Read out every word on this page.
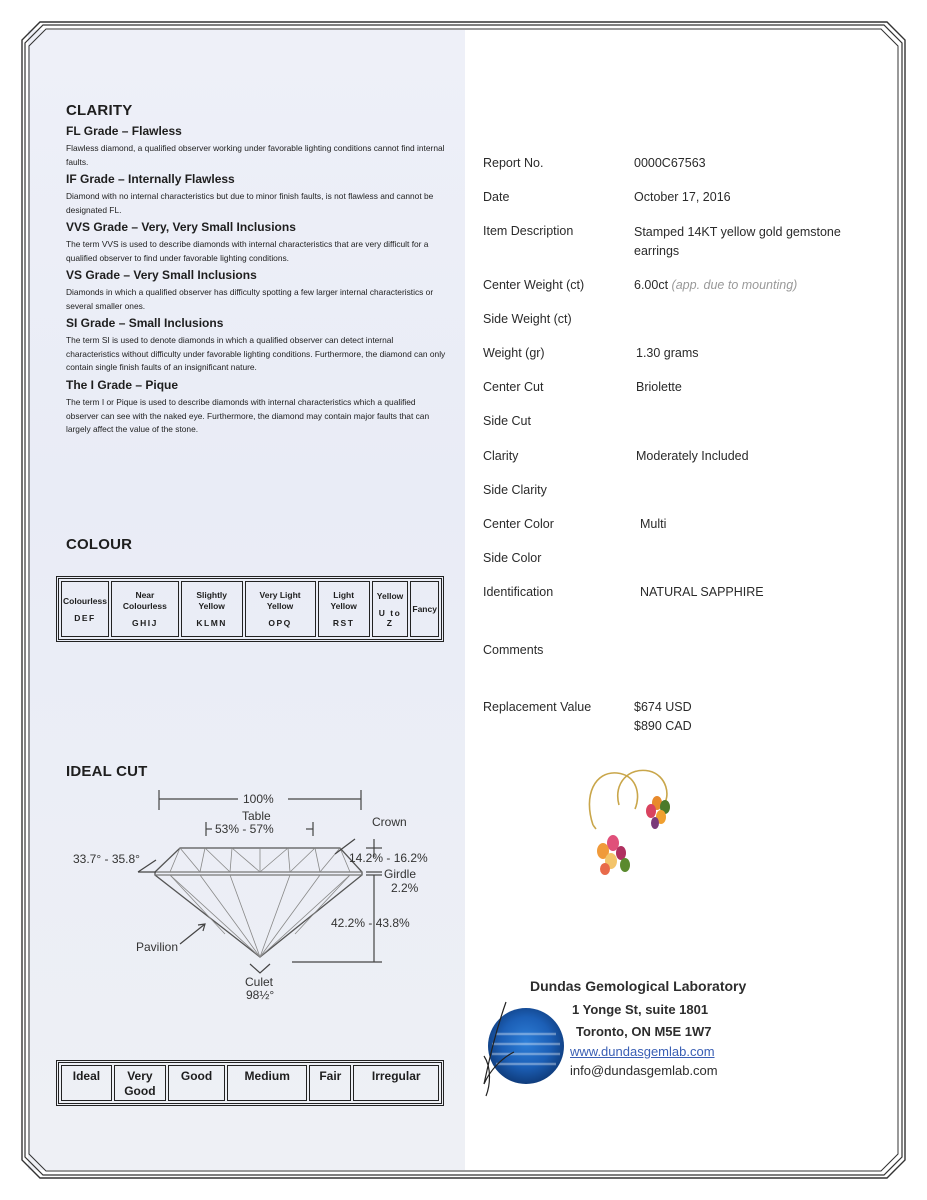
CLARITY

FL Grade – Flawless

Flawless diamond, a qualified observer working under favorable lighting conditions cannot find internal faults.

IF Grade – Internally Flawless

Diamond with no internal characteristics but due to minor finish faults, is not flawless and cannot be designated FL.

VVS Grade – Very, Very Small Inclusions

The term VVS is used to describe diamonds with internal characteristics that are very difficult for a qualified observer to find under favorable lighting conditions.

VS Grade – Very Small Inclusions

Diamonds in which a qualified observer has difficulty spotting a few larger internal characteristics or several smaller ones.

SI Grade – Small Inclusions

The term SI is used to denote diamonds in which a qualified observer can detect internal characteristics without difficulty under favorable lighting conditions. Furthermore, the diamond can only contain single finish faults of an insignificant nature.

The I Grade – Pique

The term I or Pique is used to describe diamonds with internal characteristics which a qualified observer can see with the naked eye. Furthermore, the diamond may contain major faults that can largely affect the value of the stone.

COLOUR
Colourless
DEF

Near Colourless
GHIJ

Slightly Yellow
KLMN

Very Light Yellow
OPQ

Light Yellow
RST

Yellow
U to Z

Fancy
IDEAL CUT
100%
Table
53% - 57%	Crown
33.7° - 35.8°	14.2% - 16.2%
Girdle
2.2%
42.2% - 43.8%
Pavilion
Culet
98½°
Ideal	Very Good	Good	Medium	Fair	Irregular

Report No.	0000C67563

Date	October 17, 2016

Item Description	Stamped 14KT yellow gold gemstone earrings

Center Weight (ct)	6.00ct (app. due to mounting)

Side Weight (ct)

Weight (gr)	1.30 grams

Center Cut	Briolette

Side Cut

Clarity	Moderately Included

Side Clarity

Center Color	Multi

Side Color

Identification	NATURAL SAPPHIRE

Comments

Replacement Value	$674 USD

$890 CAD

Dundas Gemological Laboratory

1 Yonge St, suite 1801

Toronto, ON M5E 1W7

www.dundasgemlab.com

info@dundasgemlab.com
